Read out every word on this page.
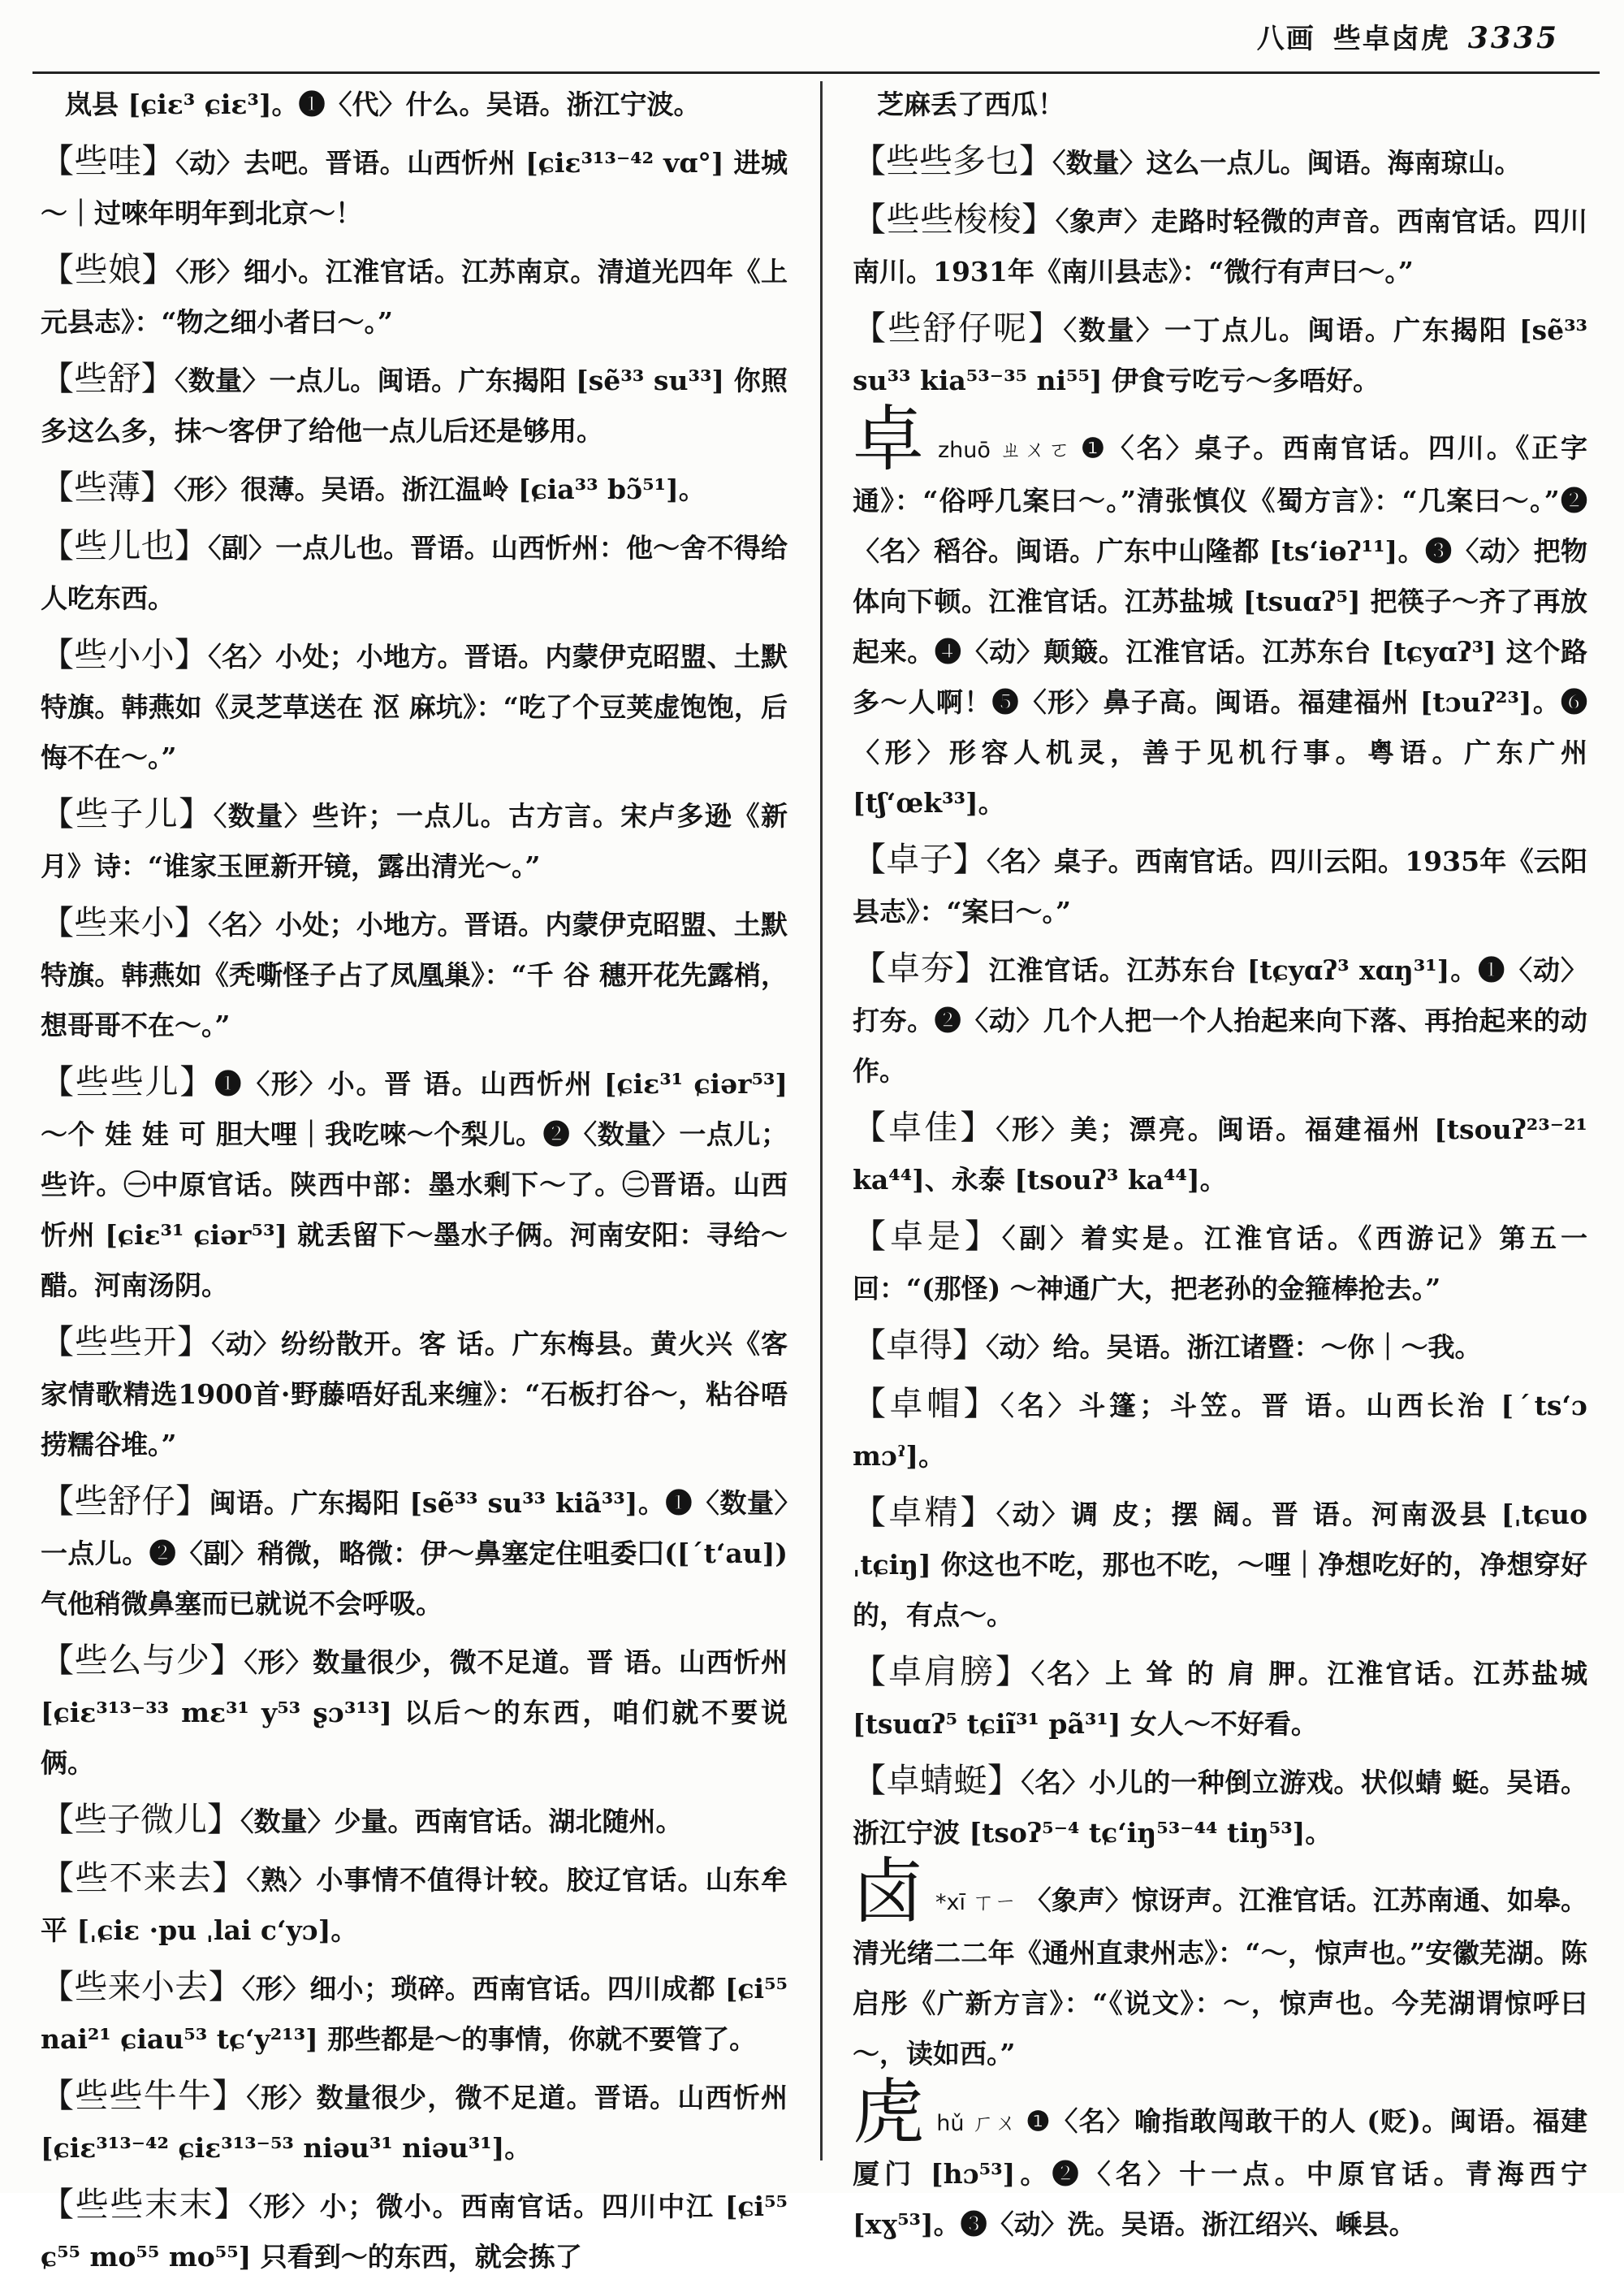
八画 些卓卤虎 3335

岚县 [ɕiɛ³ ɕiɛ³]。❶〈代〉什么。吴语。浙江宁波。

【些哇】〈动〉去吧。晋语。山西忻州 [ɕiɛ³¹³⁻⁴² vɑ°] 进城～｜过唻年明年到北京～！

【些娘】〈形〉细小。江淮官话。江苏南京。清道光四年《上元县志》：“物之细小者曰～。”

【些舒】〈数量〉一点儿。闽语。广东揭阳 [sẽ³³ su³³] 你照多这么多，抹～客伊了给他一点儿后还是够用。

【些薄】〈形〉很薄。吴语。浙江温岭 [ɕia³³ bɔ̃⁵¹]。

【些儿也】〈副〉一点儿也。晋语。山西忻州：他～舍不得给人吃东西。

【些小小】〈名〉小处；小地方。晋语。内蒙伊克昭盟、土默特旗。韩燕如《灵芝草送在 沤 麻坑》：“吃了个豆荚虚饱饱，后悔不在～。”

【些子儿】〈数量〉些许；一点儿。古方言。宋卢多逊《新月》诗：“谁家玉匣新开镜，露出清光～。”

【些来小】〈名〉小处；小地方。晋语。内蒙伊克昭盟、土默特旗。韩燕如《秃嘶怪子占了凤凰巢》：“千 谷 穗开花先露梢，想哥哥不在～。”

【些些儿】❶〈形〉小。晋 语。山西忻州 [ɕiɛ³¹ ɕiər⁵³] ～个 娃 娃 可 胆大哩｜我吃唻～个梨儿。❷〈数量〉一点儿；些许。㊀中原官话。陕西中部：墨水剩下～了。㊁晋语。山西忻州 [ɕiɛ³¹ ɕiər⁵³] 就丢留下～墨水子俩。河南安阳：寻给～醋。河南汤阴。

【些些开】〈动〉纷纷散开。客 话。广东梅县。黄火兴《客家情歌精选1900首·野藤唔好乱来缠》：“石板打谷～，粘谷唔捞糯谷堆。”

【些舒仔】闽语。广东揭阳 [sẽ³³ su³³ kiã³³]。❶〈数量〉一点儿。❷〈副〉稍微，略微：伊～鼻塞定住咀委囗([ˊt‘au])气他稍微鼻塞而已就说不会呼吸。

【些么与少】〈形〉数量很少，微不足道。晋 语。山西忻州 [ɕiɛ³¹³⁻³³ mɛ³¹ y⁵³ ʂɔ³¹³] 以后～的东西，咱们就不要说俩。

【些子微儿】〈数量〉少量。西南官话。湖北随州。

【些不来去】〈熟〉小事情不值得计较。胶辽官话。山东牟平 [ˌɕiɛ ·pu ˌlai cʻyɔ]。

【些来小去】〈形〉细小；琐碎。西南官话。四川成都 [ɕi⁵⁵ nai²¹ ɕiau⁵³ tɕʻy²¹³] 那些都是～的事情，你就不要管了。

【些些牛牛】〈形〉数量很少，微不足道。晋语。山西忻州 [ɕiɛ³¹³⁻⁴² ɕiɛ³¹³⁻⁵³ niəu³¹ niəu³¹]。

【些些末末】〈形〉小；微小。西南官话。四川中江 [ɕi⁵⁵ ɕ⁵⁵ mo⁵⁵ mo⁵⁵] 只看到～的东西，就会拣了

芝麻丢了西瓜！

【些些多乜】〈数量〉这么一点儿。闽语。海南琼山。

【些些梭梭】〈象声〉走路时轻微的声音。西南官话。四川南川。1931年《南川县志》：“微行有声曰～。”

【些舒仔呢】〈数量〉一丁点儿。闽语。广东揭阳 [sẽ³³ su³³ kia⁵³⁻³⁵ ni⁵⁵] 伊食亏吃亏～多唔好。

卓zhuō ㄓㄨㄛ ❶〈名〉桌子。西南官话。四川。《正字通》：“俗呼几案曰～。”清张慎仪《蜀方言》：“几案曰～。”❷〈名〉稻谷。闽语。广东中山隆都 [tsʻiɵʔ¹¹]。❸〈动〉把物体向下顿。江淮官话。江苏盐城 [tsuɑʔ⁵] 把筷子～齐了再放起来。❹〈动〉颠簸。江淮官话。江苏东台 [tɕyɑʔ³] 这个路多～人啊！❺〈形〉鼻子高。闽语。福建福州 [tɔuʔ²³]。❻〈形〉形容人机灵，善于见机行事。粤语。广东广州 [tʃʻœk³³]。

【卓子】〈名〉桌子。西南官话。四川云阳。1935年《云阳县志》：“案曰～。”

【卓夯】江淮官话。江苏东台 [tɕyɑʔ³ xɑŋ³¹]。❶〈动〉打夯。❷〈动〉几个人把一个人抬起来向下落、再抬起来的动作。

【卓佳】〈形〉美；漂亮。闽语。福建福州 [tsouʔ²³⁻²¹ ka⁴⁴]、永泰 [tsouʔ³ ka⁴⁴]。

【卓是】〈副〉着实是。江淮官话。《西游记》第五一回：“(那怪) ～神通广大，把老孙的金箍棒抢去。”

【卓得】〈动〉给。吴语。浙江诸暨：～你｜～我。

【卓帽】〈名〉斗篷；斗笠。晋 语。山西长治 [ˊtsʻɔ mɔˀ]。

【卓精】〈动〉调 皮；摆 阔。晋 语。河南汲县 [ˌtɕuo ˌtɕiŋ] 你这也不吃，那也不吃，～哩｜净想吃好的，净想穿好的，有点～。

【卓肩膀】〈名〉上 耸 的 肩 胛。江淮官话。江苏盐城 [tsuɑʔ⁵ tɕiĩ³¹ pã³¹] 女人～不好看。

【卓蜻蜓】〈名〉小儿的一种倒立游戏。状似蜻 蜓。吴语。浙江宁波 [tsoʔ⁵⁻⁴ tɕʻiŋ⁵³⁻⁴⁴ tiŋ⁵³]。

卤 *xī ㄒㄧ 〈象声〉惊讶声。江淮官话。江苏南通、如皋。清光绪二二年《通州直隶州志》：“～，惊声也。”安徽芜湖。陈启彤《广新方言》：“《说文》：～，惊声也。今芜湖谓惊呼曰～，读如西。”

虎hǔ ㄏㄨ ❶〈名〉喻指敢闯敢干的人 (贬)。闽语。福建厦门 [hɔ⁵³]。❷〈名〉十一点。中原官话。青海西宁 [xɣ⁵³]。❸〈动〉洗。吴语。浙江绍兴、嵊县。
